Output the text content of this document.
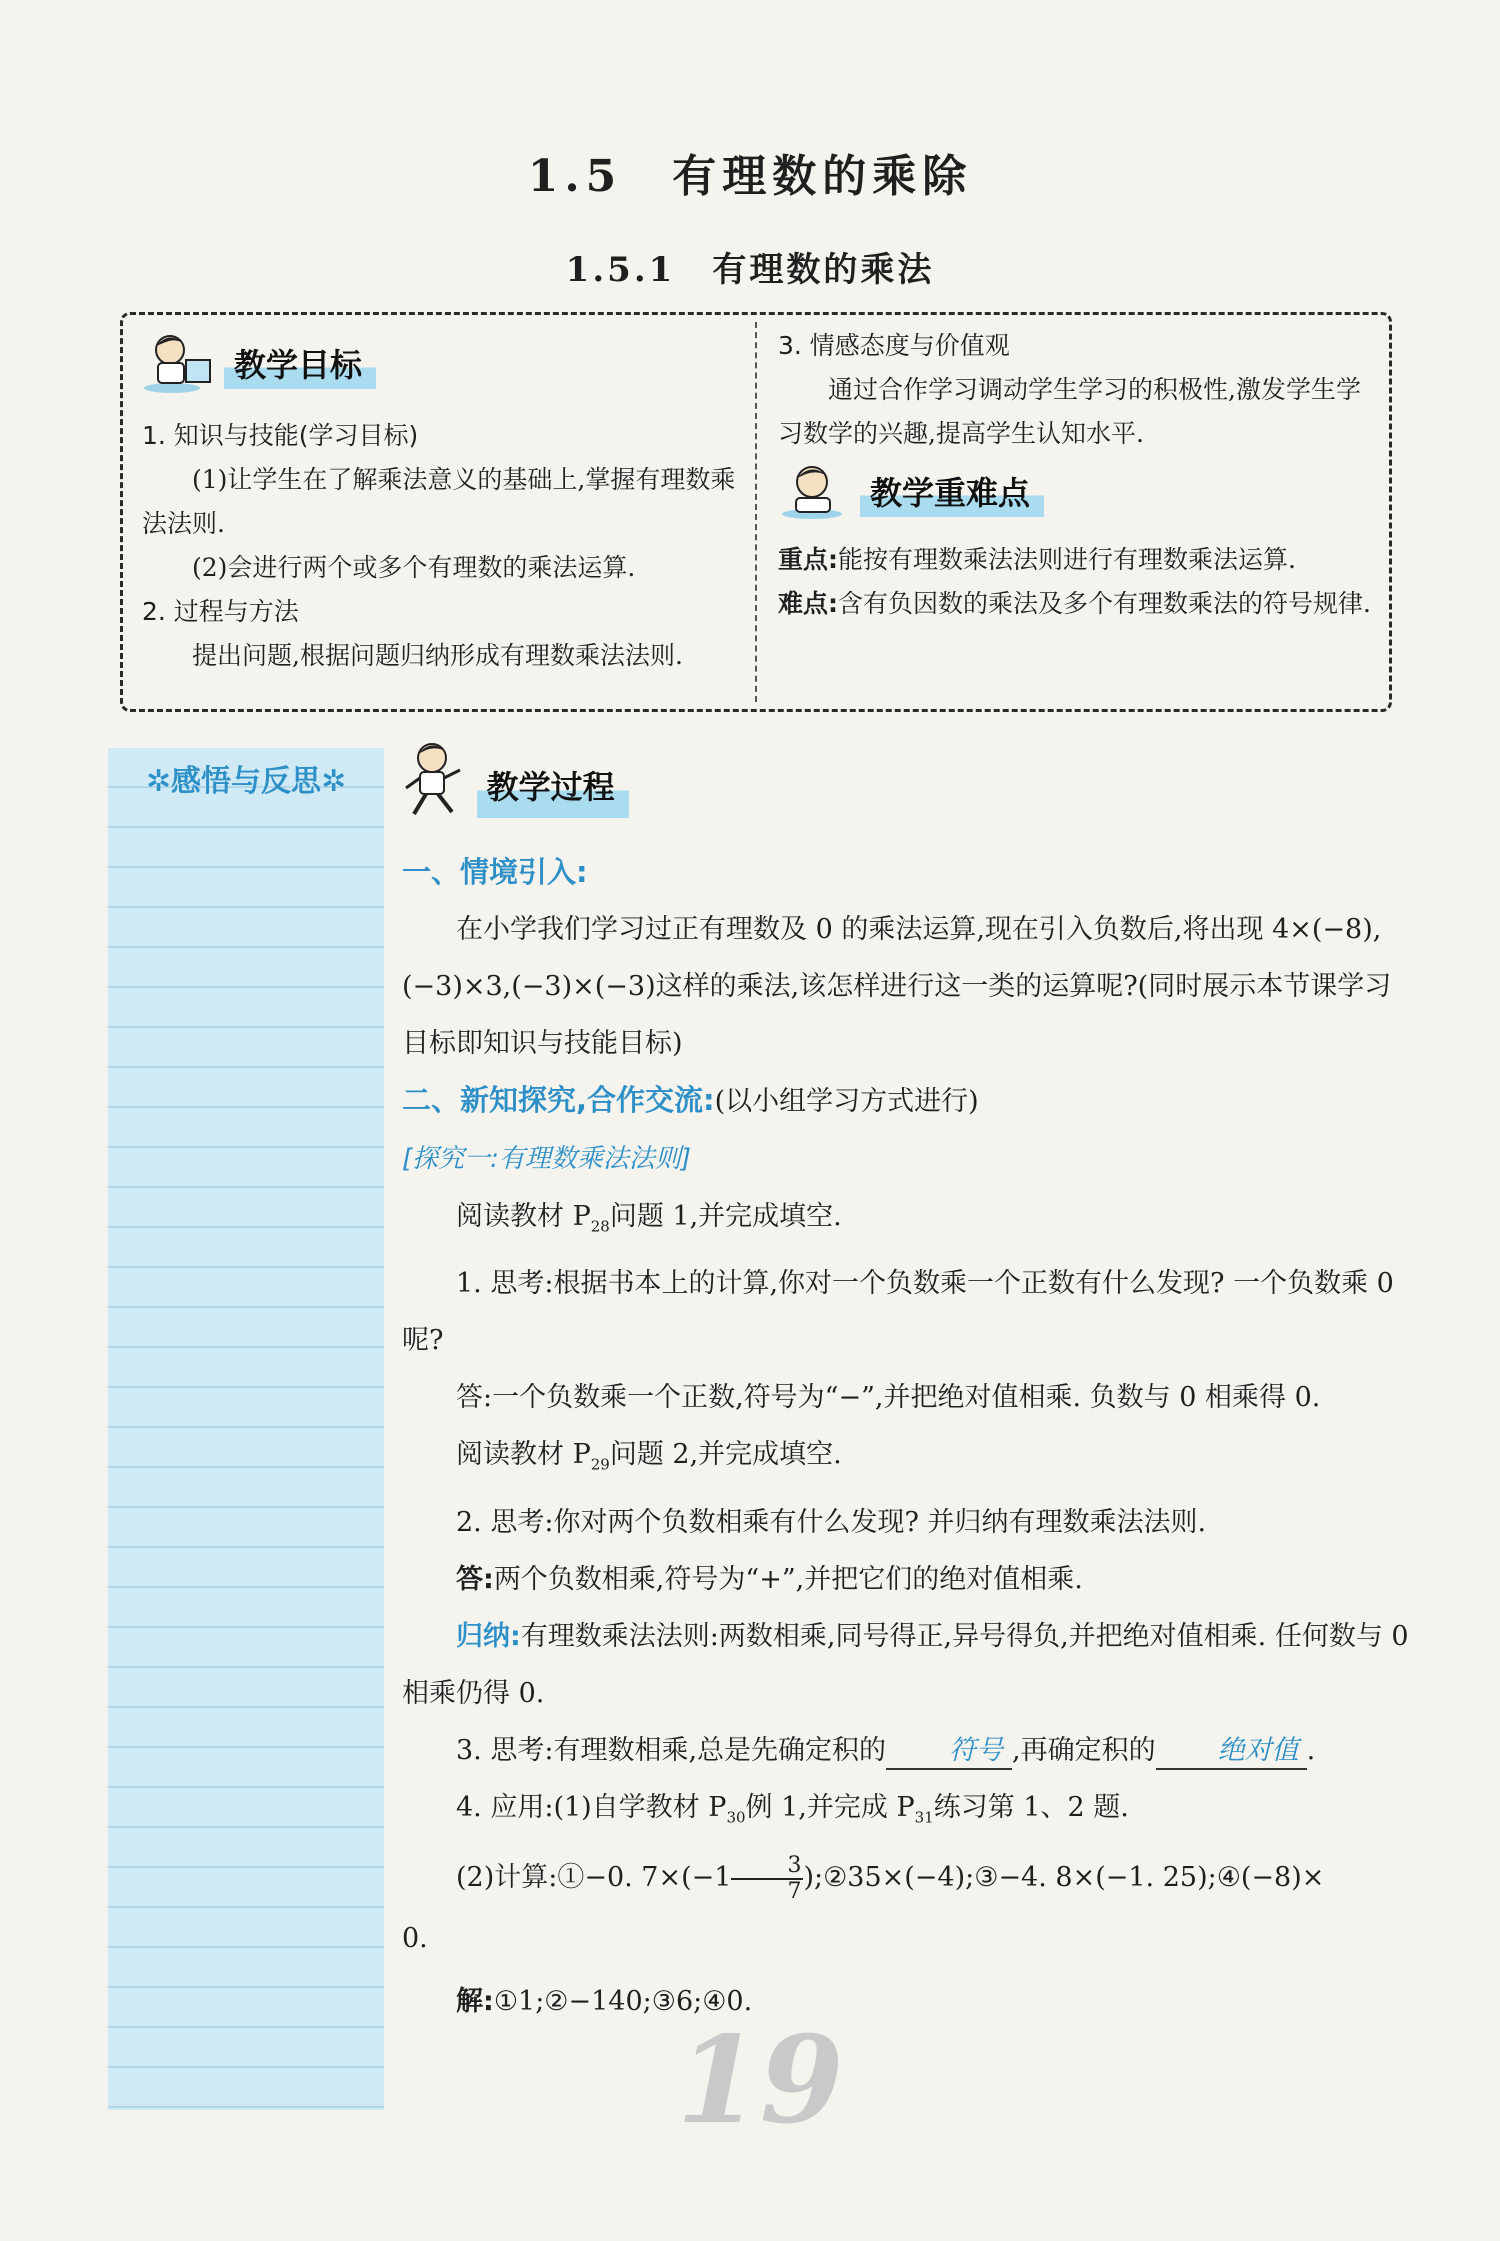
1.5　有理数的乘除
1.5.1　有理数的乘法

教学目标

1. 知识与技能(学习目标)

(1)让学生在了解乘法意义的基础上,掌握有理数乘法法则.

(2)会进行两个或多个有理数的乘法运算.

2. 过程与方法

提出问题,根据问题归纳形成有理数乘法法则.

3. 情感态度与价值观

通过合作学习调动学生学习的积极性,激发学生学习数学的兴趣,提高学生认知水平.

教学重难点

重点:能按有理数乘法法则进行有理数乘法运算.

难点:含有负因数的乘法及多个有理数乘法的符号规律.

✲感悟与反思✲	教学过程

一、情境引入:

在小学我们学习过正有理数及 0 的乘法运算,现在引入负数后,将出现 4×(−8),(−3)×3,(−3)×(−3)这样的乘法,该怎样进行这一类的运算呢?(同时展示本节课学习目标即知识与技能目标)

二、新知探究,合作交流:(以小组学习方式进行)

[探究一:有理数乘法法则]

阅读教材 $P_{28}$问题 1,并完成填空.

1. 思考:根据书本上的计算,你对一个负数乘一个正数有什么发现? 一个负数乘 0 呢?

答:一个负数乘一个正数,符号为“−”,并把绝对值相乘. 负数与 0 相乘得 0.

阅读教材 $P_{29}$问题 2,并完成填空.

2. 思考:你对两个负数相乘有什么发现? 并归纳有理数乘法法则.

答:两个负数相乘,符号为“+”,并把它们的绝对值相乘.

归纳:有理数乘法法则:两数相乘,同号得正,异号得负,并把绝对值相乘. 任何数与 0 相乘仍得 0.

3. 思考:有理数相乘,总是先确定积的 符号 ,再确定积的 绝对值 .

4. 应用:(1)自学教材 $P_{30}$例 1,并完成 $P_{31}$练习第 1、2 题.

(2)计算:①−0. $7\times(-1 \frac{3}{7}$ );②35×(−4);③−4. 8×(−1. 25);④(−8)×

0.

解:①1;②−140;③6;④0.

19
